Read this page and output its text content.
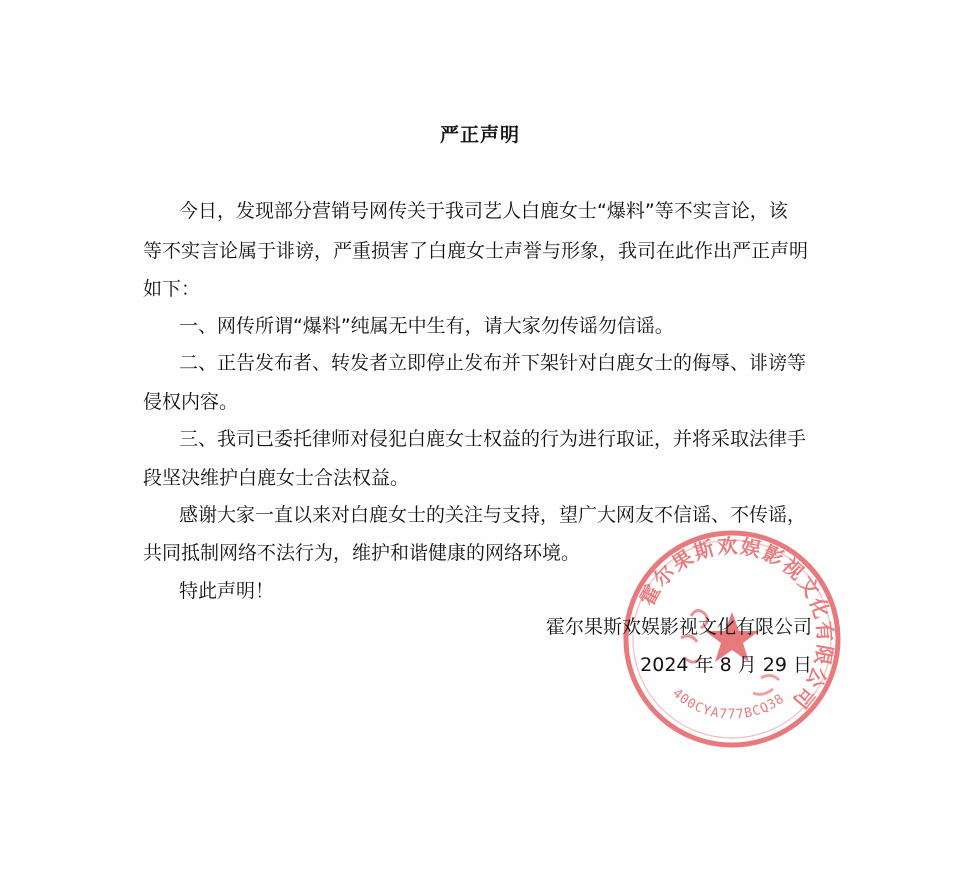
严正声明
今日，发现部分营销号网传关于我司艺人白鹿女士“爆料”等不实言论，该
等不实言论属于诽谤，严重损害了白鹿女士声誉与形象，我司在此作出严正声明
如下：
一、网传所谓“爆料”纯属无中生有，请大家勿传谣勿信谣。
二、正告发布者、转发者立即停止发布并下架针对白鹿女士的侮辱、诽谤等
侵权内容。
三、我司已委托律师对侵犯白鹿女士权益的行为进行取证，并将采取法律手
段坚决维护白鹿女士合法权益。
感谢大家一直以来对白鹿女士的关注与支持，望广大网友不信谣、不传谣，
共同抵制网络不法行为，维护和谐健康的网络环境。
特此声明！	霍尔果斯欢娱影视文化有限公司
400CYA777BCQ38
霍尔果斯欢娱影视文化有限公司
2024 年 8 月 29 日
